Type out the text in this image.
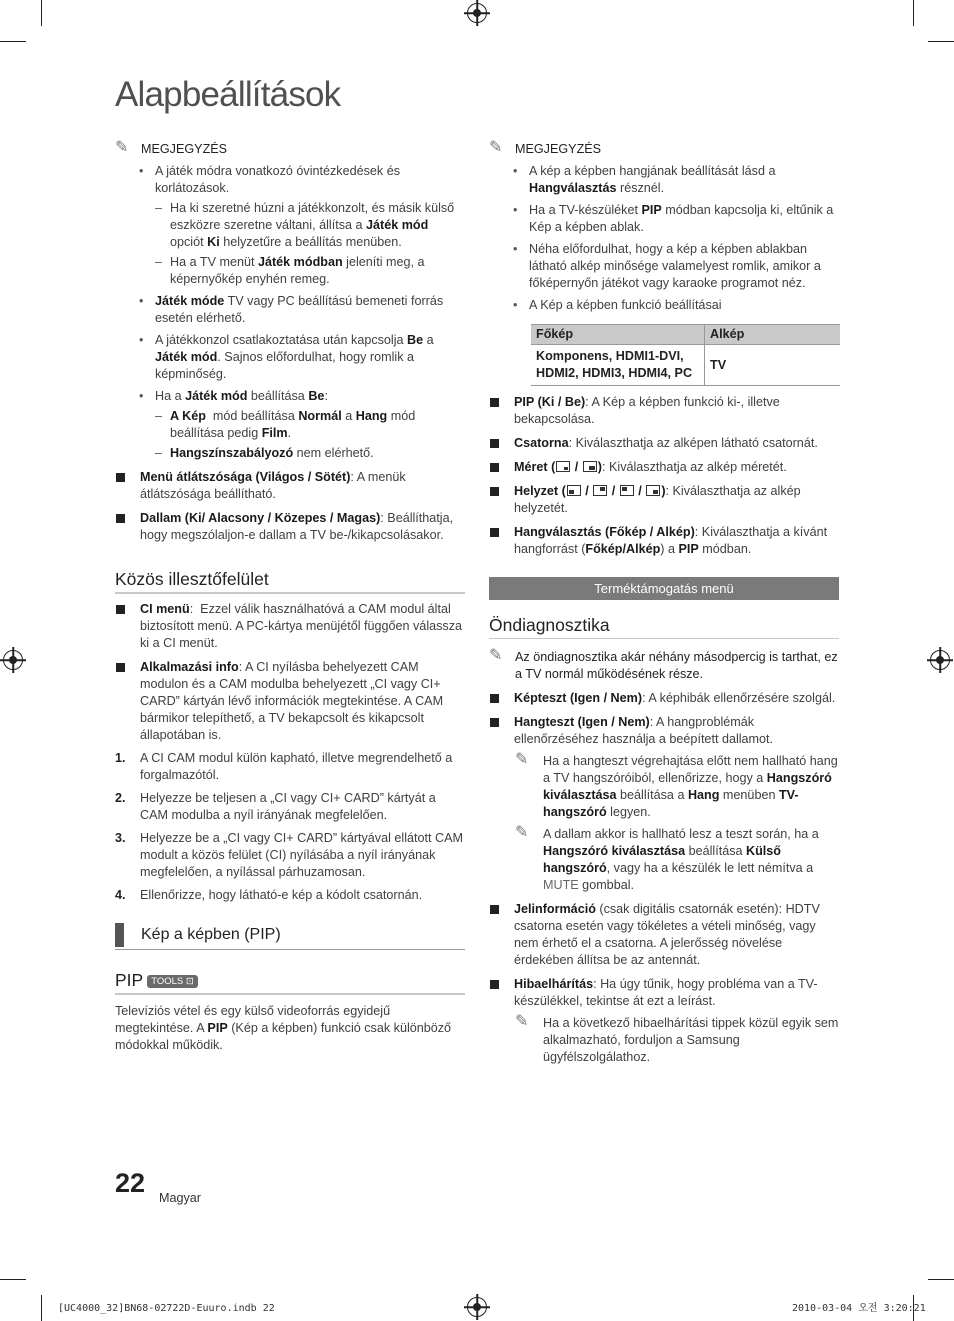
Alapbeállítások
✎ MEGJEGYZÉS
• A játék módra vonatkozó óvintézkedések és korlátozások.
– Ha ki szeretné húzni a játékkonzolt, és másik külső eszközre szeretne váltani, állítsa a Játék mód opciót Ki helyzetűre a beállítás menüben.
– Ha a TV menüt Játék módban jeleníti meg, a képernyőkép enyhén remeg.
• Játék móde TV vagy PC beállítású bemeneti forrás esetén elérhető.
• A játékkonzol csatlakoztatása után kapcsolja Be a Játék mód. Sajnos előfordulhat, hogy romlik a képminőség.
• Ha a Játék mód beállítása Be:
– A Kép  mód beállítása Normál a Hang mód beállítása pedig Film.
– Hangszínszabályozó nem elérhető.
Menü átlátszósága (Világos / Sötét): A menük átlátszósága beállítható.
Dallam (Ki/ Alacsony / Közepes / Magas): Beállíthatja, hogy megszólaljon-e dallam a TV be-/kikapcsolásakor.
Közös illesztőfelület
CI menü:  Ezzel válik használhatóvá a CAM modul által biztosított menü. A PC-kártya menüjétől függően válassza ki a CI menüt.
Alkalmazási info: A CI nyílásba behelyezett CAM modulon és a CAM modulba behelyezett „CI vagy CI+ CARD” kártyán lévő információk megtekintése. A CAM bármikor telepíthető, a TV bekapcsolt és kikapcsolt állapotában is.
1. A CI CAM modul külön kapható, illetve megrendelhető a forgalmazótól.
2. Helyezze be teljesen a „CI vagy CI+ CARD” kártyát a CAM modulba a nyíl irányának megfelelően.
3. Helyezze be a „CI vagy CI+ CARD” kártyával ellátott CAM modult a közös felület (CI) nyílásába a nyíl irányának megfelelően, a nyílással párhuzamosan.
4. Ellenőrizze, hogy látható-e kép a kódolt csatornán.
Kép a képben (PIP)
PIP TOOLS ⊡
Televíziós vétel és egy külső videoforrás egyidejű megtekintése. A PIP (Kép a képben) funkció csak különböző módokkal működik.
✎ MEGJEGYZÉS
• A kép a képben hangjának beállítását lásd a Hangválasztás résznél.
• Ha a TV-készüléket PIP módban kapcsolja ki, eltűnik a Kép a képben ablak.
• Néha előfordulhat, hogy a kép a képben ablakban látható alkép minősége valamelyest romlik, amikor a főképernyőn játékot vagy karaoke programot néz.
• A Kép a képben funkció beállításai
Főkép	Alkép
Komponens, HDMI1-DVI, HDMI2, HDMI3, HDMI4, PC	TV
PIP (Ki / Be): A Kép a képben funkció ki-, illetve bekapcsolása.
Csatorna: Kiválaszthatja az alképen látható csatornát.
Méret (
/
): Kiválaszthatja az alkép méretét.
Helyzet (
/
/
/
): Kiválaszthatja az alkép helyzetét.
Hangválasztás (Főkép / Alkép): Kiválaszthatja a kívánt hangforrást (Főkép/Alkép) a PIP módban.
Terméktámogatás menü
Öndiagnosztika
✎ Az öndiagnosztika akár néhány másodpercig is tarthat, ez a TV normál működésének része.
Képteszt (Igen / Nem): A képhibák ellenőrzésére szolgál.
Hangteszt (Igen / Nem): A hangproblémák ellenőrzéséhez használja a beépített dallamot.
✎ Ha a hangteszt végrehajtása előtt nem hallható hang a TV hangszóróiból, ellenőrizze, hogy a Hangszóró kiválasztása beállítása a Hang menüben TV-hangszóró legyen.
✎ A dallam akkor is hallható lesz a teszt során, ha a Hangszóró kiválasztása beállítása Külső hangszóró, vagy ha a készülék le lett némítva a MUTE gombbal.
Jelinformáció (csak digitális csatornák esetén): HDTV csatorna esetén vagy tökéletes a vételi minőség, vagy nem érhető el a csatorna. A jelerősség növelése érdekében állítsa be az antennát.
Hibaelhárítás: Ha úgy tűnik, hogy probléma van a TV-készülékkel, tekintse át ezt a leírást.
✎ Ha a következő hibaelhárítási tippek közül egyik sem alkalmazható, forduljon a Samsung ügyfélszolgálathoz.
22 Magyar
[UC4000_32]BN68-02722D-Euuro.indb 22	2010-03-04 오전 3:20:21
